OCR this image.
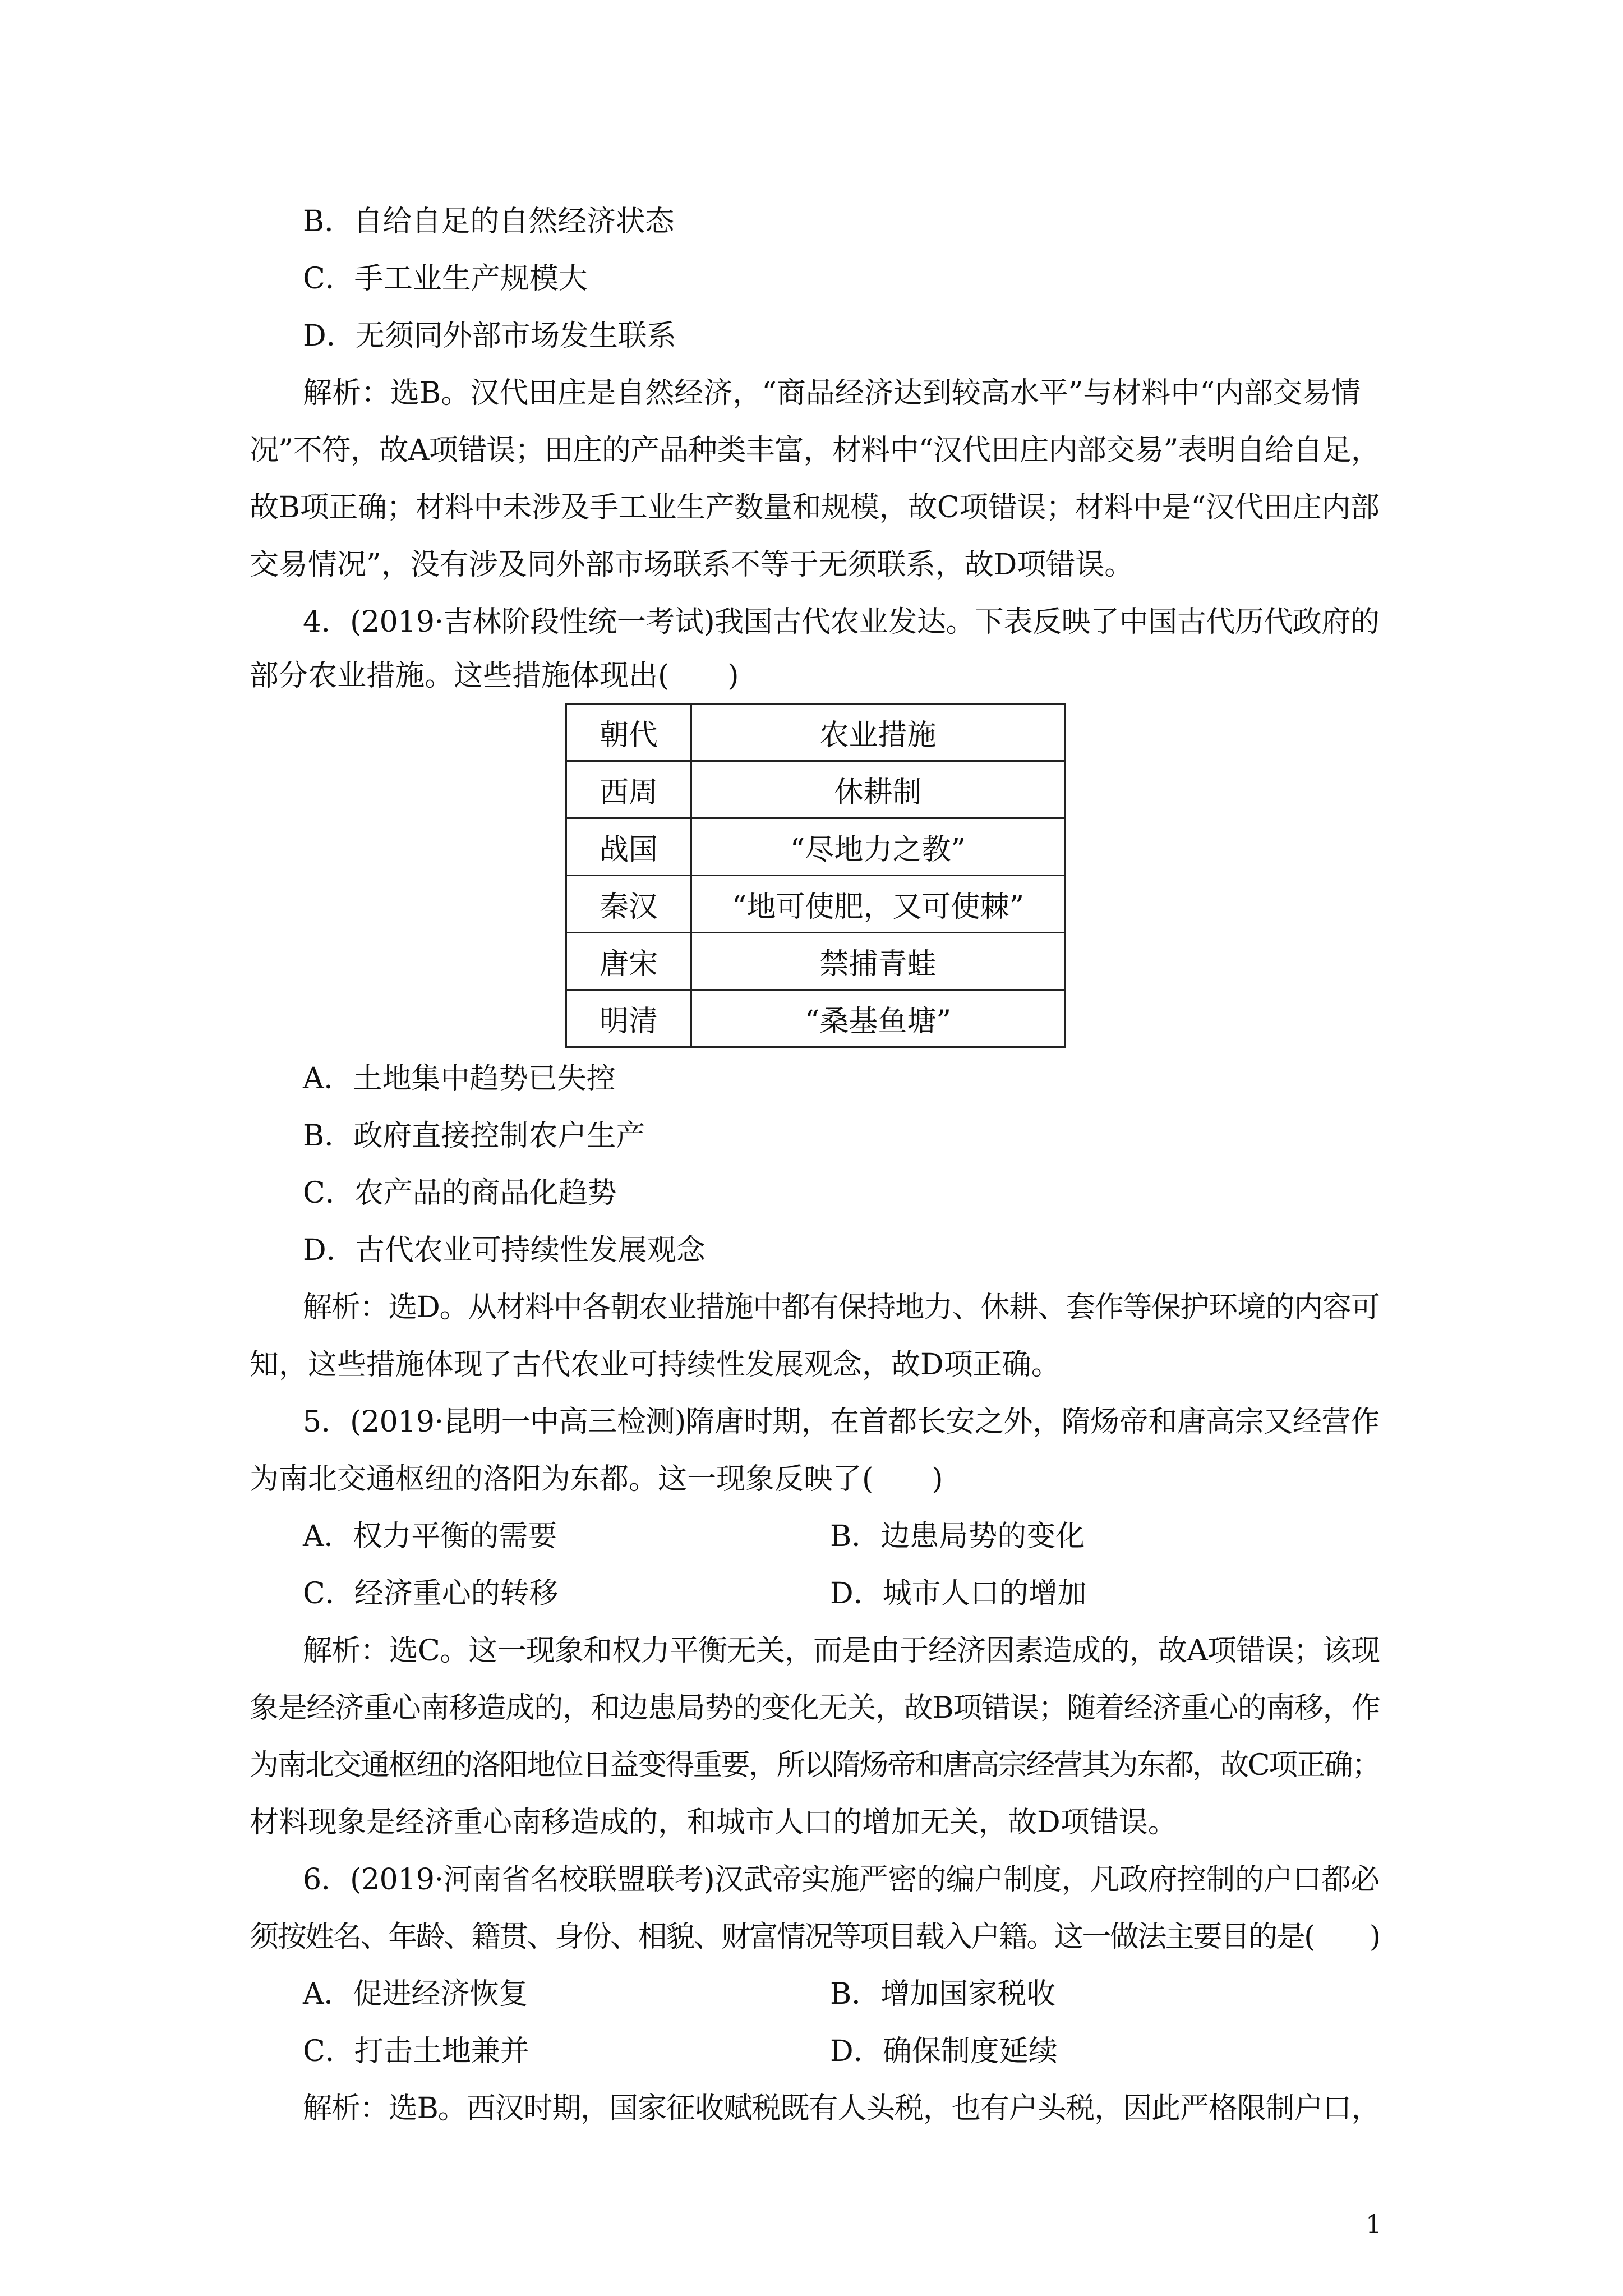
B．自给自足的自然经济状态
C．手工业生产规模大
D．无须同外部市场发生联系
解析：选B。汉代田庄是自然经济，“商品经济达到较高水平”与材料中“内部交易情
况”不符，故A项错误；田庄的产品种类丰富，材料中“汉代田庄内部交易”表明自给自足，
故B项正确；材料中未涉及手工业生产数量和规模，故C项错误；材料中是“汉代田庄内部
交易情况”，没有涉及同外部市场联系不等于无须联系，故D项错误。
4．(2019·吉林阶段性统一考试)我国古代农业发达。下表反映了中国古代历代政府的
部分农业措施。这些措施体现出(　　)
朝代	农业措施
西周	休耕制
战国	“尽地力之教”
秦汉	“地可使肥，又可使棘”
唐宋	禁捕青蛙
明清	“桑基鱼塘”
A．土地集中趋势已失控
B．政府直接控制农户生产
C．农产品的商品化趋势
D．古代农业可持续性发展观念
解析：选D。从材料中各朝农业措施中都有保持地力、休耕、套作等保护环境的内容可
知，这些措施体现了古代农业可持续性发展观念，故D项正确。
5．(2019·昆明一中高三检测)隋唐时期，在首都长安之外，隋炀帝和唐高宗又经营作
为南北交通枢纽的洛阳为东都。这一现象反映了(　　)
A．权力平衡的需要	B．边患局势的变化
C．经济重心的转移	D．城市人口的增加
解析：选C。这一现象和权力平衡无关，而是由于经济因素造成的，故A项错误；该现
象是经济重心南移造成的，和边患局势的变化无关，故B项错误；随着经济重心的南移，作
为南北交通枢纽的洛阳地位日益变得重要，所以隋炀帝和唐高宗经营其为东都，故C项正确；
材料现象是经济重心南移造成的，和城市人口的增加无关，故D项错误。
6．(2019·河南省名校联盟联考)汉武帝实施严密的编户制度，凡政府控制的户口都必
须按姓名、年龄、籍贯、身份、相貌、财富情况等项目载入户籍。这一做法主要目的是(　　)
A．促进经济恢复	B．增加国家税收
C．打击土地兼并	D．确保制度延续
解析：选B。西汉时期，国家征收赋税既有人头税，也有户头税，因此严格限制户口，
1
